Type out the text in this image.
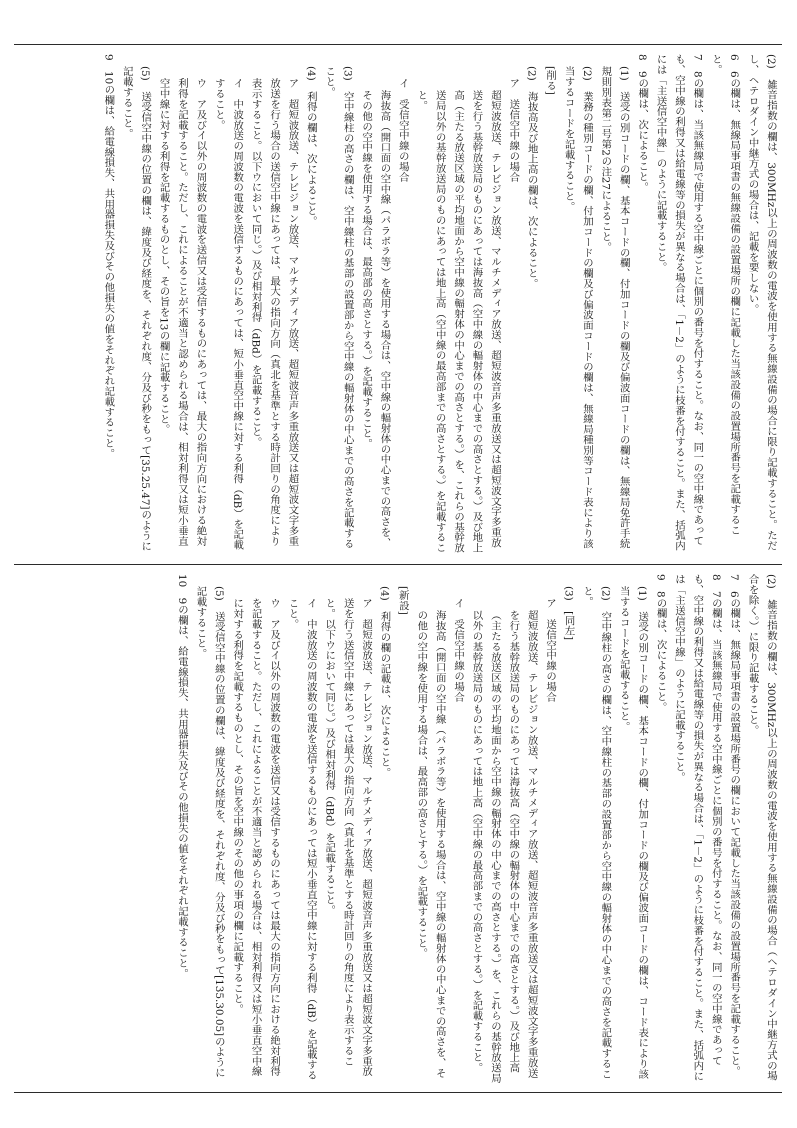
(2)　雑音指数の欄は、300MHz以上の周波数の電波を使用する無線設備の場合に限り記載すること。ただし、ヘテロダイン中継方式の場合は、記載を要しない。

6　6の欄は、無線局事項書の無線設備の設置場所の欄に記載した当該設備の設置場所番号を記載すること。

7　8の欄は、当該無線局で使用する空中線ごとに個別の番号を付すること。なお、同一の空中線であっても、空中線の利得又は給電線等の損失が異なる場合は、「1－2」のように枝番を付すること。また、括弧内には「主送信空中線」のように記載すること。

8　9の欄は、次によること。

(1)　送受の別コードの欄、基本コードの欄、付加コードの欄及び偏波面コードの欄は、無線局免許手続規則別表第二号第2の注27によること。

(2)　業務の種別コードの欄、付加コードの欄及び偏波面コードの欄は、無線局種別等コード表により該当するコードを記載すること。

[削る]

(2)　海抜高及び地上高の欄は、次によること。

ア　送信空中線の場合

超短波放送、テレビジョン放送、マルチメディア放送、超短波音声多重放送又は超短波文字多重放送を行う基幹放送局のものにあっては海抜高（空中線の輻射体の中心までの高さとする。）及び地上高（主たる放送区域の平均地面から空中線の輻射体の中心までの高さとする。）を、これらの基幹放送局以外の基幹放送局のものにあっては地上高（空中線の最高部までの高さとする。）を記載すること。

イ　受信空中線の場合

海抜高（開口面の空中線（パラボラ等）を使用する場合は、空中線の輻射体の中心までの高さを、その他の空中線を使用する場合は、最高部の高さとする。）を記載すること。

(3)　空中線柱の高さの欄は、空中線柱の基部の設置部から空中線の輻射体の中心までの高さを記載すること。

(4)　利得の欄は、次によること。

ア　超短波放送、テレビジョン放送、マルチメディア放送、超短波音声多重放送又は超短波文字多重放送を行う場合の送信空中線にあっては、最大の指向方向（真北を基準とする時計回りの角度により表示すること。以下ウにおいて同じ。）及び相対利得（dBd）を記載すること。

イ　中波放送の周波数の電波を送信するものにあっては、短小垂直空中線に対する利得（dB）を記載すること。

ウ　ア及びイ以外の周波数の電波を送信又は受信するものにあっては、最大の指向方向における絶対利得を記載すること。ただし、これによることが不適当と認められる場合は、相対利得又は短小垂直空中線に対する利得を記載するものとし、その旨を13の欄に記載すること。

(5)　送受信空中線の位置の欄は、緯度及び経度を、それぞれ度、分及び秒をもって[35.25.47]のように記載すること。

9　10の欄は、給電線損失、共用器損失及びその他損失の値をそれぞれ記載すること。

(2)　雑音指数の欄は、300MHz以上の周波数の電波を使用する無線設備の場合（ヘテロダイン中継方式の場合を除く。）に限り記載すること。

7　6の欄は、無線局事項書の設置場所番号の欄において記載した当該設備の設置場所番号を記載すること。

8　7の欄は、当該無線局で使用する空中線ごとに個別の番号を付すること。なお、同一の空中線であっても、空中線の利得又は給電線等の損失が異なる場合は、「1－2」のように枝番を付すること。また、括弧内には「主送信空中線」のように記載すること。

9　8の欄は、次によること。

(1)　送受の別コードの欄、基本コードの欄、付加コードの欄及び偏波面コードの欄は、コード表により該当するコードを記載すること。

(2)　空中線柱の高さの欄は、空中線柱の基部の設置部から空中線の輻射体の中心までの高さを記載すること。

(3)　[同左]

ア　送信空中線の場合

超短波放送、テレビジョン放送、マルチメディア放送、超短波音声多重放送又は超短波文字多重放送を行う基幹放送局のものにあっては海抜高（空中線の輻射体の中心までの高さとする。）及び地上高（主たる放送区域の平均地面から空中線の輻射体の中心までの高さとする。）を、これらの基幹放送局以外の基幹放送局のものにあっては地上高（空中線の最高部までの高さとする。）を記載すること。

イ　受信空中線の場合

海抜高（開口面の空中線（パラボラ等）を使用する場合は、空中線の輻射体の中心までの高さを、その他の空中線を使用する場合は、最高部の高さとする。）を記載すること。

[新設]

(4)　利得の欄の記載は、次によること。

ア　超短波放送、テレビジョン放送、マルチメディア放送、超短波音声多重放送又は超短波文字多重放送を行う送信空中線にあっては最大の指向方向（真北を基準とする時計回りの角度により表示すること。以下ウにおいて同じ。）及び相対利得（dBd）を記載すること。

イ　中波放送の周波数の電波を送信するものにあっては短小垂直空中線に対する利得（dB）を記載すること。

ウ　ア及びイ以外の周波数の電波を送信又は受信するものにあっては最大の指向方向における絶対利得を記載すること。ただし、これによることが不適当と認められる場合は、相対利得又は短小垂直空中線に対する利得を記載するものとし、その旨を空中線のその他の事項の欄に記載すること。

(5)　送受信空中線の位置の欄は、緯度及び経度を、それぞれ度、分及び秒をもって[135.30.05]のように記載すること。

10　9の欄は、給電線損失、共用器損失及びその他損失の値をそれぞれ記載すること。
